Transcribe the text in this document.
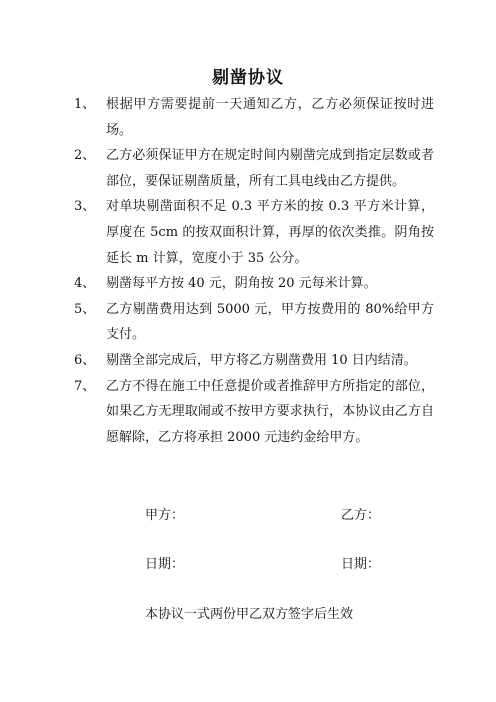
剔凿协议
1、 根据甲方需要提前一天通知乙方，乙方必须保证按时进场。
2、 乙方必须保证甲方在规定时间内剔凿完成到指定层数或者部位，要保证剔凿质量，所有工具电线由乙方提供。
3、 对单块剔凿面积不足 0.3 平方米的按 0.3 平方米计算，厚度在 5cm 的按双面积计算，再厚的依次类推。阴角按延长 m 计算，宽度小于 35 公分。
4、 剔凿每平方按 40 元，阴角按 20 元每米计算。
5、 乙方剔凿费用达到 5000 元，甲方按费用的 80%给甲方支付。
6、 剔凿全部完成后，甲方将乙方剔凿费用 10 日内结清。
7、 乙方不得在施工中任意提价或者推辞甲方所指定的部位，如果乙方无理取闹或不按甲方要求执行，本协议由乙方自愿解除，乙方将承担 2000 元违约金给甲方。
甲方：	乙方：
日期：	日期：
本协议一式两份甲乙双方签字后生效
